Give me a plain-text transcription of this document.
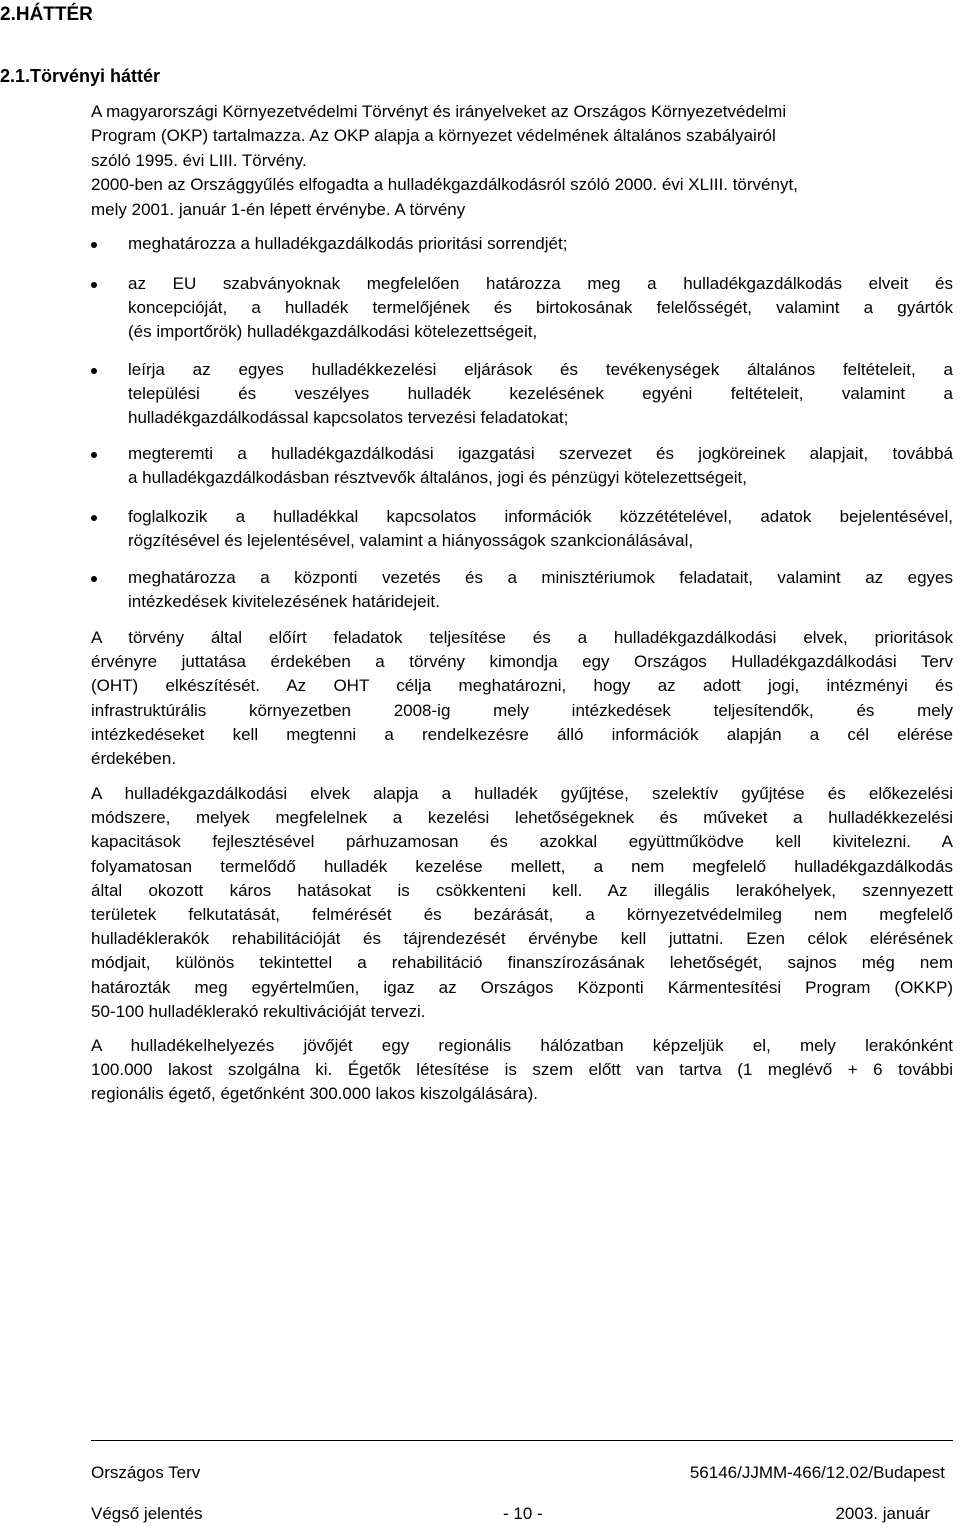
2.HÁTTÉR
2.1.Törvényi háttér
A magyarországi Környezetvédelmi Törvényt és irányelveket az Országos Környezetvédelmi
Program (OKP) tartalmazza. Az OKP alapja a környezet védelmének általános szabályairól
szóló 1995. évi LIII. Törvény.
2000-ben az Országgyűlés elfogadta a hulladékgazdálkodásról szóló 2000. évi XLIII. törvényt,
mely 2001. január 1-én lépett érvénybe. A törvény
meghatározza a hulladékgazdálkodás prioritási sorrendjét;
az EU szabványoknak megfelelően határozza meg a hulladékgazdálkodás elveit és
koncepcióját, a hulladék termelőjének és birtokosának felelősségét, valamint a gyártók
(és importőrök) hulladékgazdálkodási kötelezettségeit,
leírja az egyes hulladékkezelési eljárások és tevékenységek általános feltételeit, a
települési és veszélyes hulladék kezelésének egyéni feltételeit, valamint a
hulladékgazdálkodással kapcsolatos tervezési feladatokat;
megteremti a hulladékgazdálkodási igazgatási szervezet és jogköreinek alapjait, továbbá
a hulladékgazdálkodásban résztvevők általános, jogi és pénzügyi kötelezettségeit,
foglalkozik a hulladékkal kapcsolatos információk közzétételével, adatok bejelentésével,
rögzítésével és lejelentésével, valamint a hiányosságok szankcionálásával,
meghatározza a központi vezetés és a minisztériumok feladatait, valamint az egyes
intézkedések kivitelezésének határidejeit.
A törvény által előírt feladatok teljesítése és a hulladékgazdálkodási elvek, prioritások
érvényre juttatása érdekében a törvény kimondja egy Országos Hulladékgazdálkodási Terv
(OHT) elkészítését. Az OHT célja meghatározni, hogy az adott jogi, intézményi és
infrastruktúrális környezetben 2008-ig mely intézkedések teljesítendők, és mely
intézkedéseket kell megtenni a rendelkezésre álló információk alapján a cél elérése
érdekében.
A hulladékgazdálkodási elvek alapja a hulladék gyűjtése, szelektív gyűjtése és előkezelési
módszere, melyek megfelelnek a kezelési lehetőségeknek és műveket a hulladékkezelési
kapacitások fejlesztésével párhuzamosan és azokkal együttműködve kell kivitelezni. A
folyamatosan termelődő hulladék kezelése mellett, a nem megfelelő hulladékgazdálkodás
által okozott káros hatásokat is csökkenteni kell. Az illegális lerakóhelyek, szennyezett
területek felkutatását, felmérését és bezárását, a környezetvédelmileg nem megfelelő
hulladéklerakók rehabilitációját és tájrendezését érvénybe kell juttatni. Ezen célok elérésének
módjait, különös tekintettel a rehabilitáció finanszírozásának lehetőségét, sajnos még nem
határozták meg egyértelműen, igaz az Országos Központi Kármentesítési Program (OKKP)
50-100 hulladéklerakó rekultivációját tervezi.
A hulladékelhelyezés jövőjét egy regionális hálózatban képzeljük el, mely lerakónként
100.000 lakost szolgálna ki. Égetők létesítése is szem előtt van tartva (1 meglévő + 6 további
regionális égető, égetőnként 300.000 lakos kiszolgálására).
Országos Terv	56146/JJMM-466/12.02/Budapest
Végső jelentés	- 10 -	2003. január
